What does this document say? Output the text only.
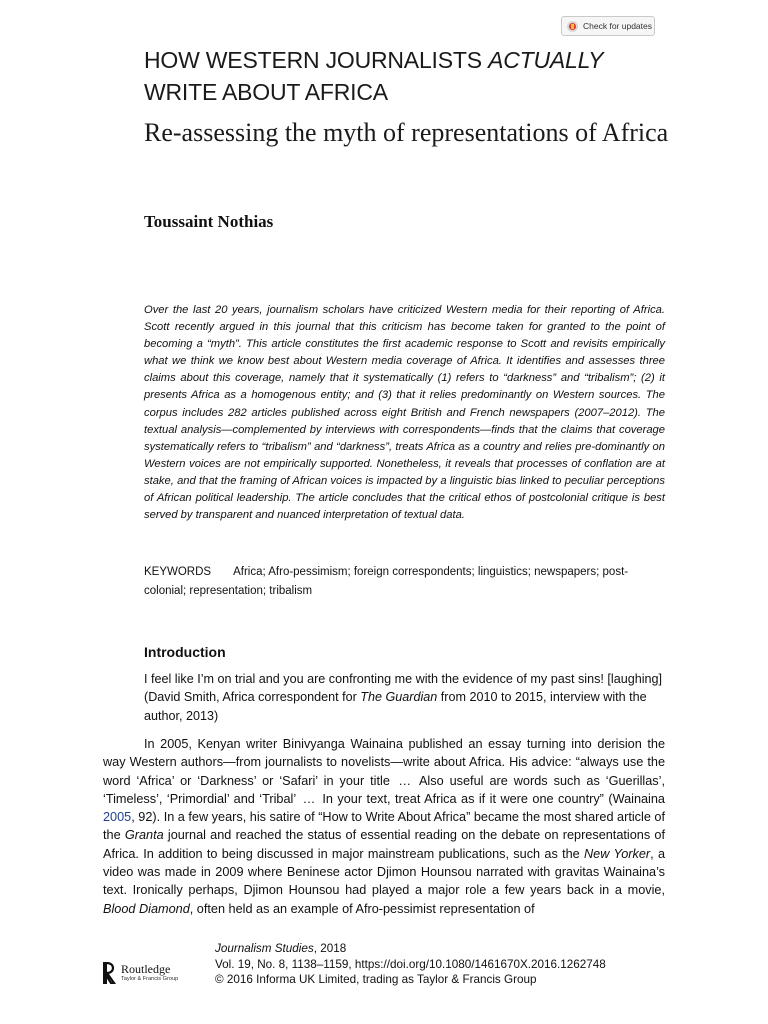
Check for updates
HOW WESTERN JOURNALISTS ACTUALLY
WRITE ABOUT AFRICA
Re-assessing the myth of representations of Africa
Toussaint Nothias

Over the last 20 years, journalism scholars have criticized Western media for their reporting of Africa. Scott recently argued in this journal that this criticism has become taken for granted to the point of becoming a “myth”. This article constitutes the first academic response to Scott and revisits empirically what we think we know best about Western media coverage of Africa. It identifies and assesses three claims about this coverage, namely that it systematically (1) refers to “darkness” and “tribalism”; (2) it presents Africa as a homogenous entity; and (3) that it relies predominantly on Western sources. The corpus includes 282 articles published across eight British and French newspapers (2007–2012). The textual analysis—complemented by interviews with correspondents—finds that the claims that coverage systematically refers to “tribalism” and “darkness”, treats Africa as a country and relies pre-dominantly on Western voices are not empirically supported. Nonetheless, it reveals that processes of conflation are at stake, and that the framing of African voices is impacted by a linguistic bias linked to peculiar perceptions of African political leadership. The article concludes that the critical ethos of postcolonial critique is best served by transparent and nuanced interpretation of textual data.

KEYWORDS Africa; Afro-pessimism; foreign correspondents; linguistics; newspapers; post-colonial; representation; tribalism
Introduction

I feel like I’m on trial and you are confronting me with the evidence of my past sins! [laughing] (David Smith, Africa correspondent for The Guardian from 2010 to 2015, interview with the author, 2013)

In 2005, Kenyan writer Binivyanga Wainaina published an essay turning into derision the way Western authors—from journalists to novelists—write about Africa. His advice: “always use the word ‘Africa’ or ‘Darkness’ or ‘Safari’ in your title  …  Also useful are words such as ‘Guerillas’, ‘Timeless’, ‘Primordial’ and ‘Tribal’  …  In your text, treat Africa as if it were one country” (Wainaina 2005, 92). In a few years, his satire of “How to Write About Africa” became the most shared article of the Granta journal and reached the status of essential reading on the debate on representations of Africa. In addition to being discussed in major mainstream publications, such as the New Yorker, a video was made in 2009 where Beninese actor Djimon Hounsou narrated with gravitas Wainaina’s text. Ironically perhaps, Djimon Hounsou had played a major role a few years back in a movie, Blood Diamond, often held as an example of Afro-pessimist representation of

Routledge
Taylor & Francis Group
Journalism Studies, 2018
Vol. 19, No. 8, 1138–1159, https://doi.org/10.1080/1461670X.2016.1262748
© 2016 Informa UK Limited, trading as Taylor & Francis Group
